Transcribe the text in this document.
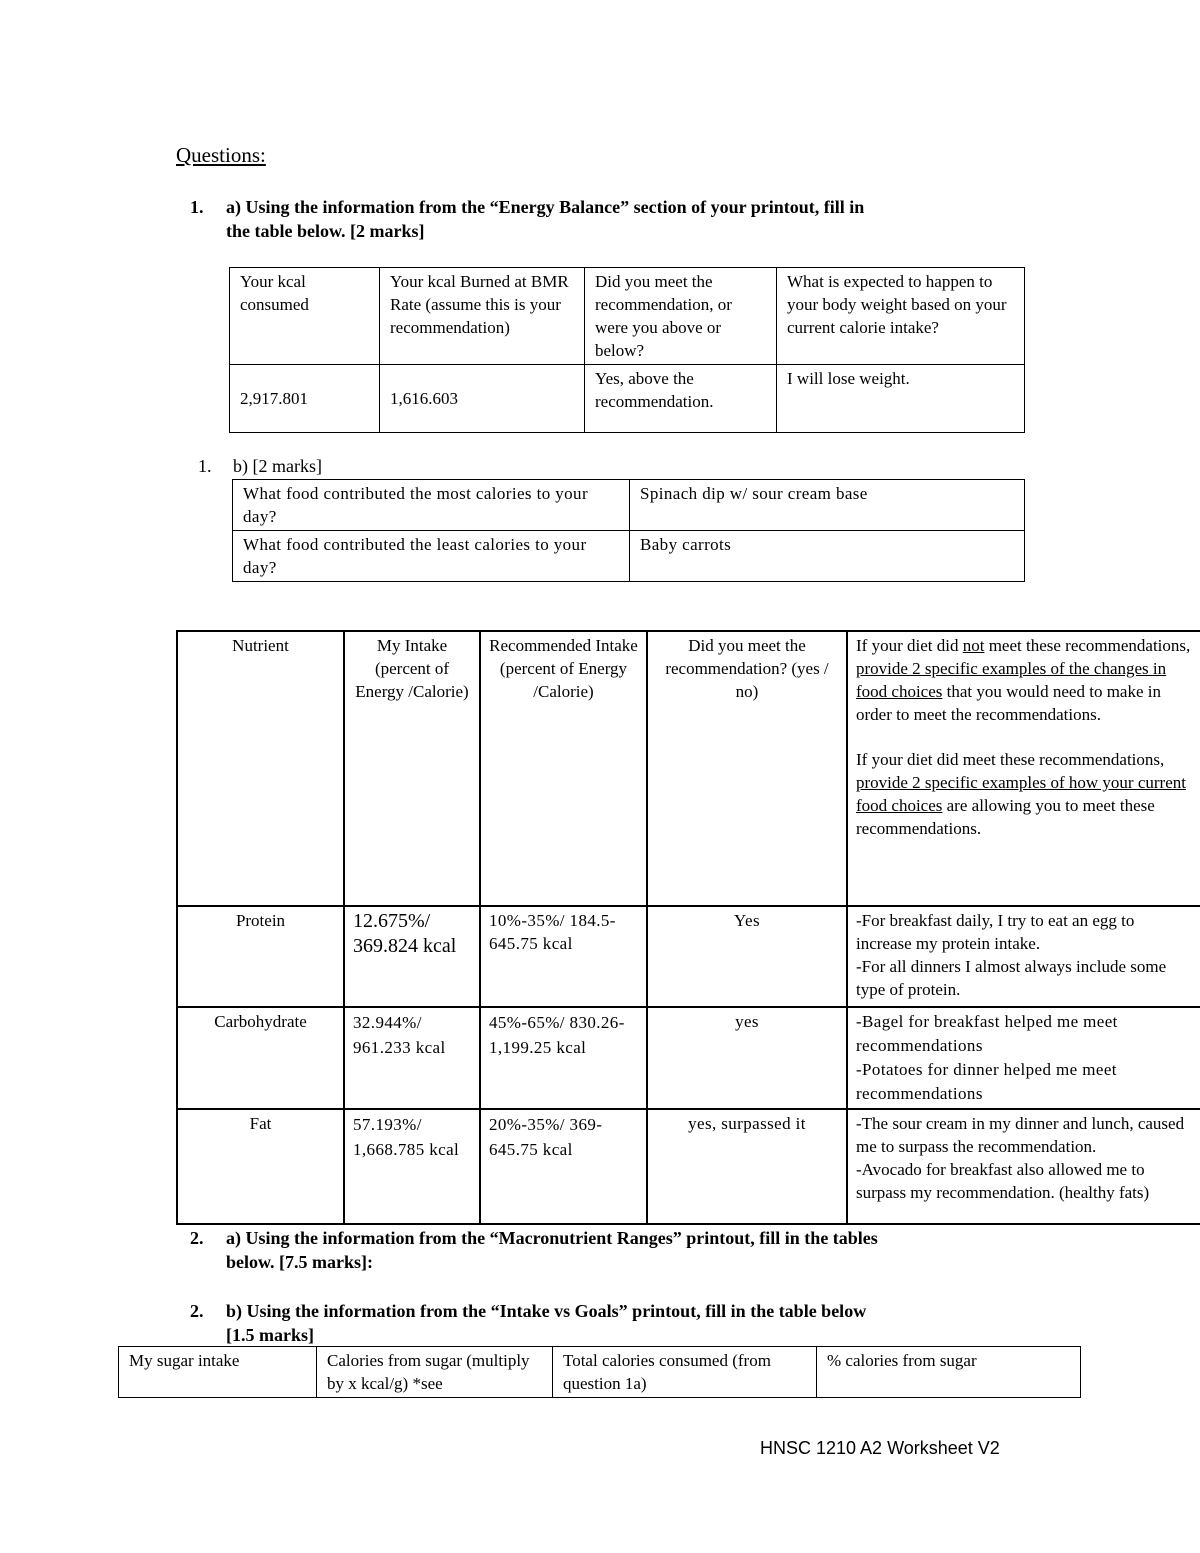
Questions:
1. a) Using the information from the “Energy Balance” section of your printout, fill in
the table below. [2 marks]
Your kcal consumed	Your kcal Burned at BMR Rate (assume this is your recommendation)	Did you meet the recommendation, or were you above or below?	What is expected to happen to your body weight based on your current calorie intake?
2,917.801	1,616.603	Yes, above the recommendation.	I will lose weight.
1. b) [2 marks]
What food contributed the most calories to your day?	Spinach dip w/ sour cream base
What food contributed the least calories to your day?	Baby carrots
Nutrient	My Intake (percent of Energy /Calorie)	Recommended Intake (percent of Energy /Calorie)	Did you meet the recommendation? (yes / no)	If your diet did not meet these recommendations, provide 2 specific examples of the changes in food choices that you would need to make in order to meet the recommendations.
If your diet did meet these recommendations, provide 2 specific examples of how your current food choices are allowing you to meet these recommendations.

Protein	12.675%/ 369.824 kcal	10%-35%/ 184.5-645.75 kcal	Yes	-For breakfast daily, I try to eat an egg to increase my protein intake.
-For all dinners I almost always include some type of protein.

Carbohydrate	32.944%/ 961.233 kcal	45%-65%/ 830.26-1,199.25 kcal	yes	-Bagel for breakfast helped me meet recommendations
-Potatoes for dinner helped me meet recommendations

Fat	57.193%/ 1,668.785 kcal	20%-35%/ 369-645.75 kcal	yes, surpassed it	-The sour cream in my dinner and lunch, caused me to surpass the recommendation.
-Avocado for breakfast also allowed me to surpass my recommendation. (healthy fats)
2. a) Using the information from the “Macronutrient Ranges” printout, fill in the tables
below. [7.5 marks]:
2. b) Using the information from the “Intake vs Goals” printout, fill in the table below
[1.5 marks]
My sugar intake	Calories from sugar (multiply by x kcal/g) *see	Total calories consumed (from question 1a)	% calories from sugar
HNSC 1210 A2 Worksheet V2
